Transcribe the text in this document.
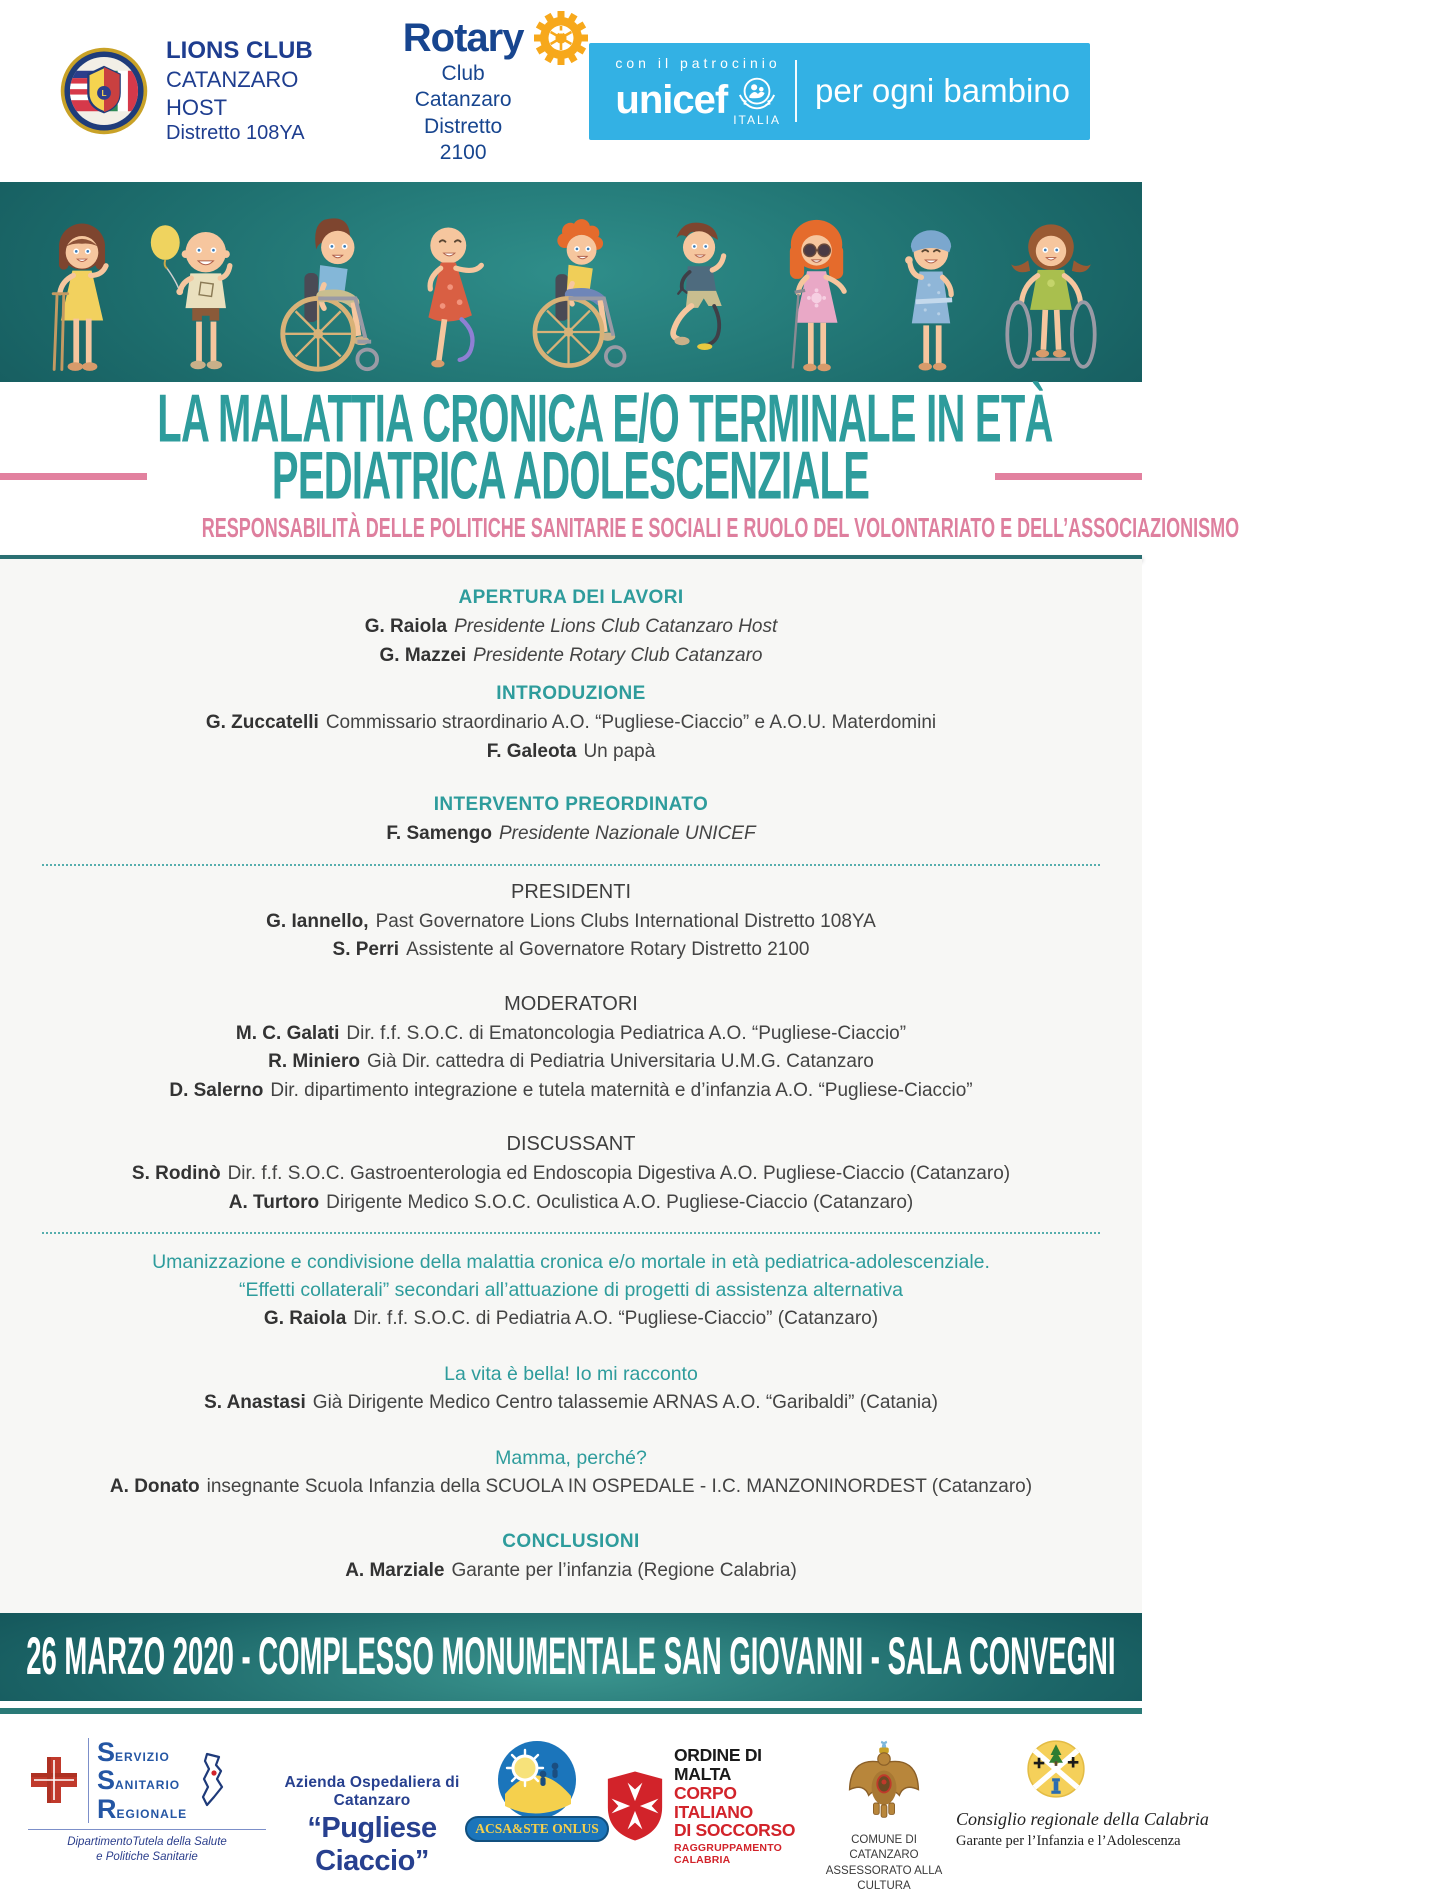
L
LIONS CLUB
CATANZARO HOST
Distretto 108YA
Rotary
Club Catanzaro
Distretto 2100
con il patrocinio
unicef ITALIA
per ogni bambino
LA MALATTIA CRONICA E/O TERMINALE IN ETÀ
PEDIATRICA ADOLESCENZIALE
RESPONSABILITÀ DELLE POLITICHE SANITARIE E SOCIALI E RUOLO DEL VOLONTARIATO E DELL’ASSOCIAZIONISMO
APERTURA DEI LAVORI

G. Raiola Presidente Lions Club Catanzaro Host

G. Mazzei Presidente Rotary Club Catanzaro

INTRODUZIONE

G. Zuccatelli Commissario straordinario A.O. “Pugliese-Ciaccio” e A.O.U. Materdomini

F. Galeota Un papà

INTERVENTO PREORDINATO

F. Samengo Presidente Nazionale UNICEF

PRESIDENTI

G. Iannello, Past Governatore Lions Clubs International Distretto 108YA

S. Perri Assistente al Governatore Rotary Distretto 2100

MODERATORI

M. C. Galati Dir. f.f. S.O.C. di Ematoncologia Pediatrica A.O. “Pugliese-Ciaccio”

R. Miniero Già Dir. cattedra di Pediatria Universitaria U.M.G. Catanzaro

D. Salerno Dir. dipartimento integrazione e tutela maternità e d’infanzia A.O. “Pugliese-Ciaccio”

DISCUSSANT

S. Rodinò Dir. f.f. S.O.C. Gastroenterologia ed Endoscopia Digestiva A.O. Pugliese-Ciaccio (Catanzaro)

A. Turtoro Dirigente Medico S.O.C. Oculistica A.O. Pugliese-Ciaccio (Catanzaro)

Umanizzazione e condivisione della malattia cronica e/o mortale in età pediatrica-adolescenziale.

“Effetti collaterali” secondari all’attuazione di progetti di assistenza alternativa

G. Raiola Dir. f.f. S.O.C. di Pediatria A.O. “Pugliese-Ciaccio” (Catanzaro)

La vita è bella! Io mi racconto

S. Anastasi Già Dirigente Medico Centro talassemie ARNAS A.O. “Garibaldi” (Catania)

Mamma, perché?

A. Donato insegnante Scuola Infanzia della SCUOLA IN OSPEDALE - I.C. MANZONINORDEST (Catanzaro)

CONCLUSIONI

A. Marziale Garante per l’infanzia (Regione Calabria)

26 MARZO 2020 - COMPLESSO MONUMENTALE SAN GIOVANNI - SALA CONVEGNI
SERVIZIO
SANITARIO
REGIONALE
DipartimentoTutela della Salute
e Politiche Sanitarie
Azienda Ospedaliera di Catanzaro
“Pugliese Ciaccio”
ACSA&STE ONLUS
ORDINE DI MALTA
CORPO ITALIANO
DI SOCCORSO
RAGGRUPPAMENTO CALABRIA
COMUNE DI CATANZARO
ASSESSORATO ALLA CULTURA
Consiglio regionale della Calabria
Garante per l’Infanzia e l’Adolescenza
